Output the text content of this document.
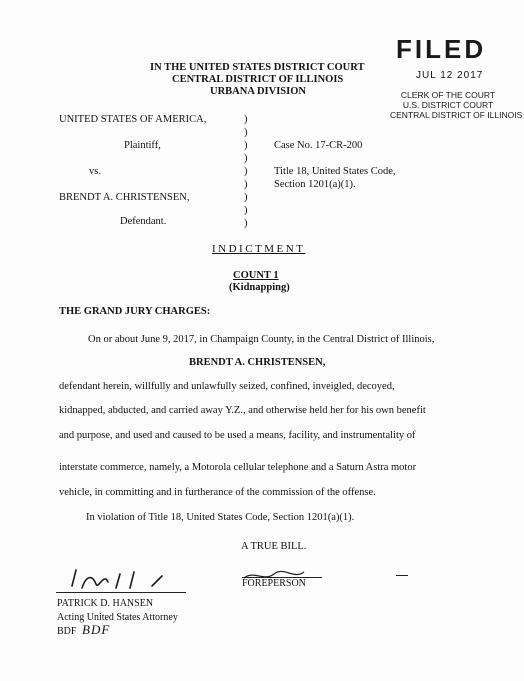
IN THE UNITED STATES DISTRICT COURT
CENTRAL DISTRICT OF ILLINOIS
URBANA DIVISION
FILED
JUL 12 2017
CLERK OF THE COURT
U.S. DISTRICT COURT
CENTRAL DISTRICT OF ILLINOIS
UNITED STATES OF AMERICA,
Plaintiff,
vs.
BRENDT A. CHRISTENSEN,
Defendant.
)
)
)
)
)
)
)
)
)
Case No. 17-CR-200
Title 18, United States Code,
Section 1201(a)(1).
INDICTMENT
COUNT 1
(Kidnapping)
THE GRAND JURY CHARGES:
On or about June 9, 2017, in Champaign County, in the Central District of Illinois,
BRENDT A. CHRISTENSEN,
defendant herein, willfully and unlawfully seized, confined, inveigled, decoyed,
kidnapped, abducted, and carried away Y.Z., and otherwise held her for his own benefit
and purpose, and used and caused to be used a means, facility, and instrumentality of
interstate commerce, namely, a Motorola cellular telephone and a Saturn Astra motor
vehicle, in committing and in furtherance of the commission of the offense.
In violation of Title 18, United States Code, Section 1201(a)(1).
A TRUE BILL.
FOREPERSON
PATRICK D. HANSEN
Acting United States Attorney
BDF BDF
